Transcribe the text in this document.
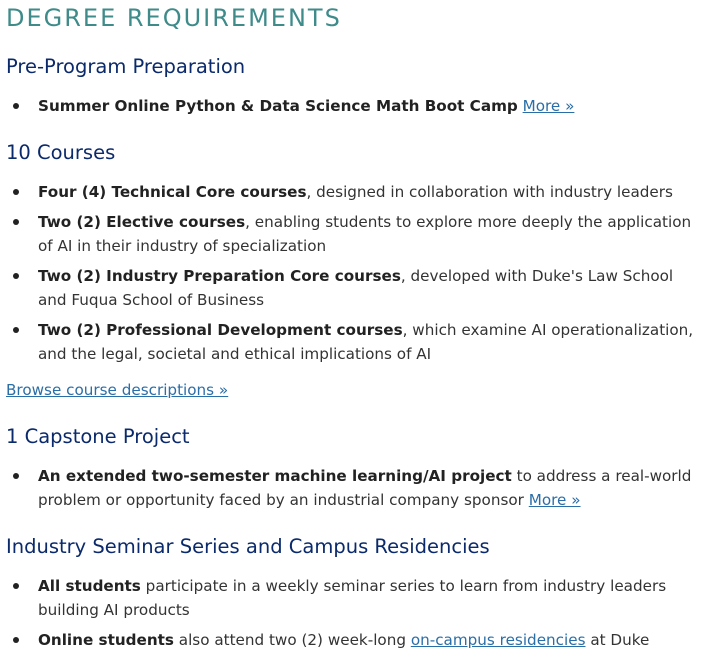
DEGREE REQUIREMENTS
Pre-Program Preparation
Summer Online Python & Data Science Math Boot Camp More »
10 Courses
Four (4) Technical Core courses, designed in collaboration with industry leaders
Two (2) Elective courses, enabling students to explore more deeply the application of AI in their industry of specialization
Two (2) Industry Preparation Core courses, developed with Duke's Law School and Fuqua School of Business
Two (2) Professional Development courses, which examine AI operationalization, and the legal, societal and ethical implications of AI
Browse course descriptions »
1 Capstone Project
An extended two-semester machine learning/AI project to address a real-world problem or opportunity faced by an industrial company sponsor More »
Industry Seminar Series and Campus Residencies
All students participate in a weekly seminar series to learn from industry leaders building AI products
Online students also attend two (2) week-long on-campus residencies at Duke
